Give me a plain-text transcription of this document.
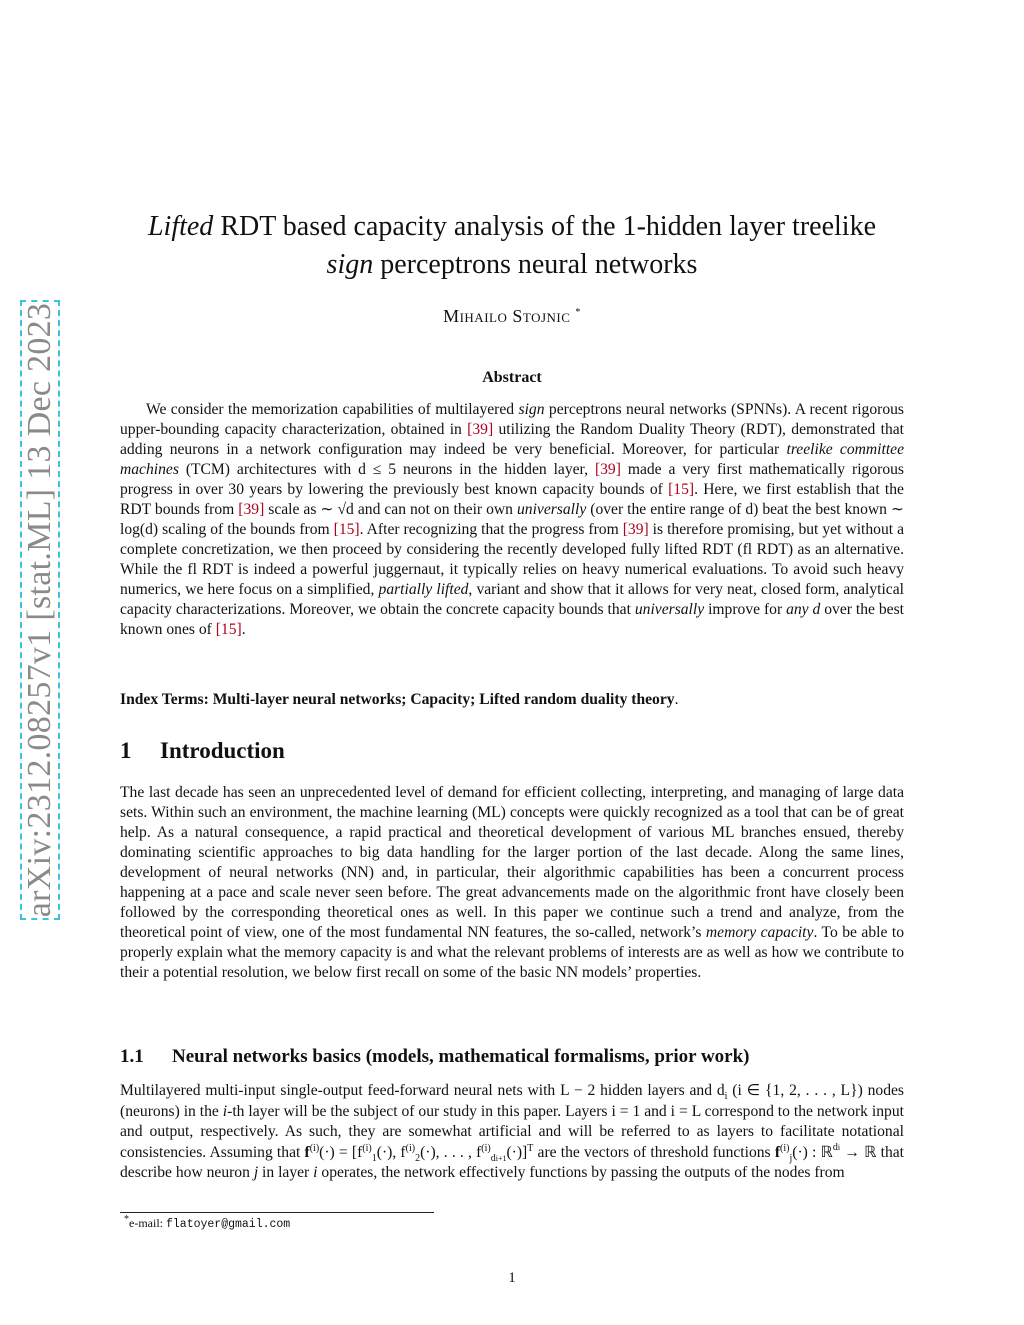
arXiv:2312.08257v1 [stat.ML] 13 Dec 2023
Lifted RDT based capacity analysis of the 1-hidden layer treelike
sign perceptrons neural networks
Mihailo Stojnic *
Abstract

We consider the memorization capabilities of multilayered sign perceptrons neural networks (SPNNs). A recent rigorous upper-bounding capacity characterization, obtained in [39] utilizing the Random Duality Theory (RDT), demonstrated that adding neurons in a network configuration may indeed be very beneficial. Moreover, for particular treelike committee machines (TCM) architectures with d ≤ 5 neurons in the hidden layer, [39] made a very first mathematically rigorous progress in over 30 years by lowering the previously best known capacity bounds of [15]. Here, we first establish that the RDT bounds from [39] scale as ∼ √d and can not on their own universally (over the entire range of d) beat the best known ∼ log(d) scaling of the bounds from [15]. After recognizing that the progress from [39] is therefore promising, but yet without a complete concretization, we then proceed by considering the recently developed fully lifted RDT (fl RDT) as an alternative. While the fl RDT is indeed a powerful juggernaut, it typically relies on heavy numerical evaluations. To avoid such heavy numerics, we here focus on a simplified, partially lifted, variant and show that it allows for very neat, closed form, analytical capacity characterizations. Moreover, we obtain the concrete capacity bounds that universally improve for any d over the best known ones of [15].

Index Terms: Multi-layer neural networks; Capacity; Lifted random duality theory.
1 Introduction

The last decade has seen an unprecedented level of demand for efficient collecting, interpreting, and managing of large data sets. Within such an environment, the machine learning (ML) concepts were quickly recognized as a tool that can be of great help. As a natural consequence, a rapid practical and theoretical development of various ML branches ensued, thereby dominating scientific approaches to big data handling for the larger portion of the last decade. Along the same lines, development of neural networks (NN) and, in particular, their algorithmic capabilities has been a concurrent process happening at a pace and scale never seen before. The great advancements made on the algorithmic front have closely been followed by the corresponding theoretical ones as well. In this paper we continue such a trend and analyze, from the theoretical point of view, one of the most fundamental NN features, the so-called, network’s memory capacity. To be able to properly explain what the memory capacity is and what the relevant problems of interests are as well as how we contribute to their a potential resolution, we below first recall on some of the basic NN models’ properties.

1.1 Neural networks basics (models, mathematical formalisms, prior work)

Multilayered multi-input single-output feed-forward neural nets with L − 2 hidden layers and $d_i$ (i ∈ {1, 2, . . . , L}) nodes (neurons) in the i-th layer will be the subject of our study in this paper. Layers i = 1 and i = L correspond to the network input and output, respectively. As such, they are somewhat artificial and will be referred to as layers to facilitate notational consistencies. Assuming that $f^{(i)}(\cdot) = [f^{(i)}_1(\cdot)$, $f^{(i)}_2(\cdot)$, . . . , $f^{(i)}_{di+1}(\cdot)]^T$ are the vectors of threshold functions $f^{(i)}_j(\cdot)$ : ℝ$^{di}$ → ℝ that describe how neuron j in layer i operates, the network effectively functions by passing the outputs of the nodes from

*e-mail: flatoyer@gmail.com
1
